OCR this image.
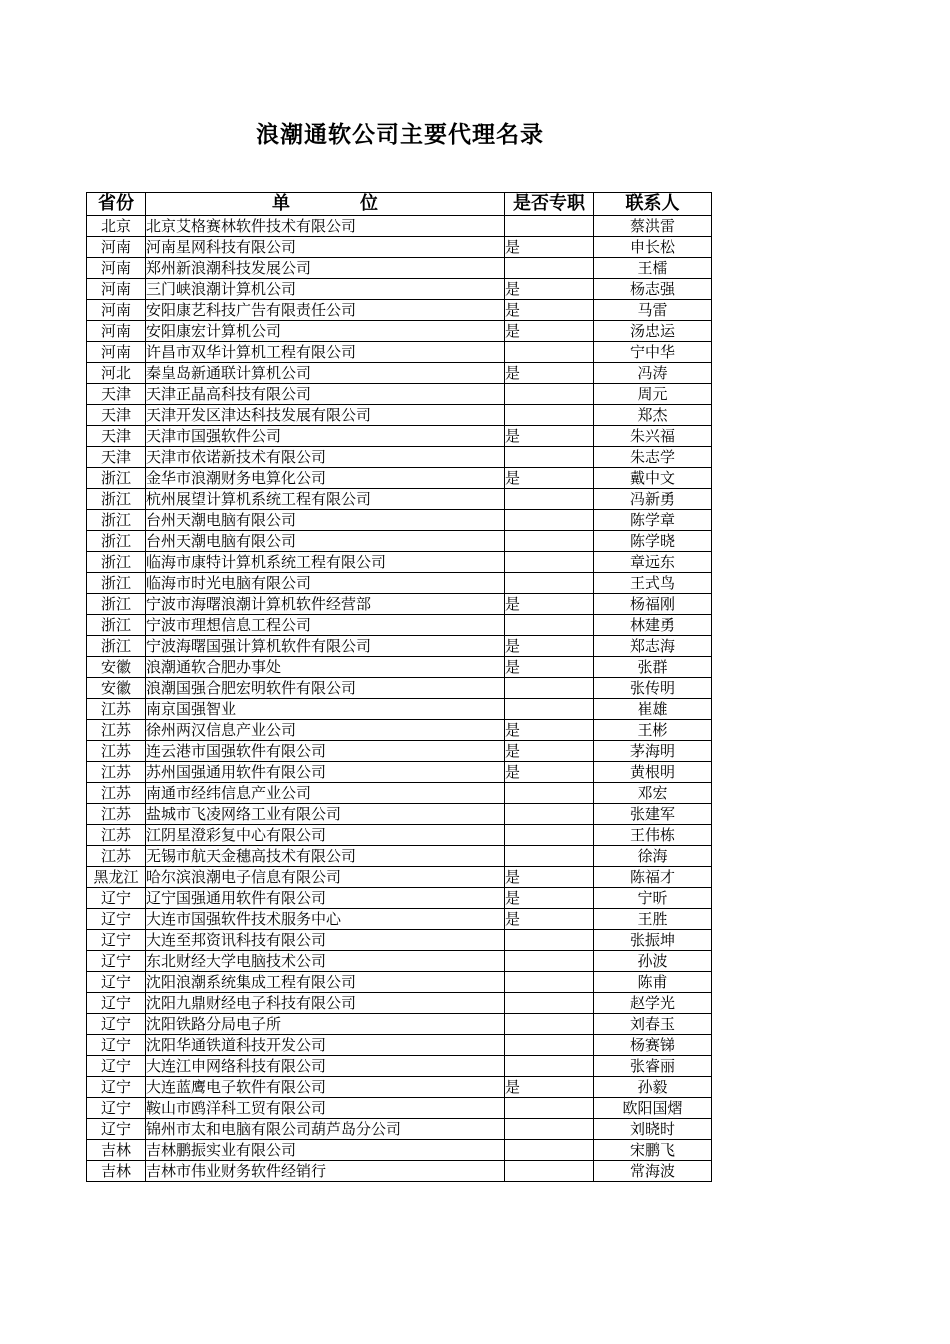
浪潮通软公司主要代理名录
省份	单 位	是否专职	联系人
北京	北京艾格赛林软件技术有限公司		蔡洪雷
河南	河南星网科技有限公司	是	申长松
河南	郑州新浪潮科技发展公司		王檑
河南	三门峡浪潮计算机公司	是	杨志强
河南	安阳康艺科技广告有限责任公司	是	马雷
河南	安阳康宏计算机公司	是	汤忠运
河南	许昌市双华计算机工程有限公司		宁中华
河北	秦皇岛新通联计算机公司	是	冯涛
天津	天津正晶高科技有限公司		周元
天津	天津开发区津达科技发展有限公司		郑杰
天津	天津市国强软件公司	是	朱兴福
天津	天津市依诺新技术有限公司		朱志学
浙江	金华市浪潮财务电算化公司	是	戴中文
浙江	杭州展望计算机系统工程有限公司		冯新勇
浙江	台州天潮电脑有限公司		陈学章
浙江	台州天潮电脑有限公司		陈学晓
浙江	临海市康特计算机系统工程有限公司		章远东
浙江	临海市时光电脑有限公司		王式鸟
浙江	宁波市海曙浪潮计算机软件经营部	是	杨福刚
浙江	宁波市理想信息工程公司		林建勇
浙江	宁波海曙国强计算机软件有限公司	是	郑志海
安徽	浪潮通软合肥办事处	是	张群
安徽	浪潮国强合肥宏明软件有限公司		张传明
江苏	南京国强智业		崔雄
江苏	徐州两汉信息产业公司	是	王彬
江苏	连云港市国强软件有限公司	是	茅海明
江苏	苏州国强通用软件有限公司	是	黄根明
江苏	南通市经纬信息产业公司		邓宏
江苏	盐城市飞凌网络工业有限公司		张建军
江苏	江阴星澄彩复中心有限公司		王伟栋
江苏	无锡市航天金穗高技术有限公司		徐海
黑龙江	哈尔滨浪潮电子信息有限公司	是	陈福才
辽宁	辽宁国强通用软件有限公司	是	宁昕
辽宁	大连市国强软件技术服务中心	是	王胜
辽宁	大连至邦资讯科技有限公司		张振坤
辽宁	东北财经大学电脑技术公司		孙波
辽宁	沈阳浪潮系统集成工程有限公司		陈甫
辽宁	沈阳九鼎财经电子科技有限公司		赵学光
辽宁	沈阳铁路分局电子所		刘春玉
辽宁	沈阳华通铁道科技开发公司		杨赛锑
辽宁	大连江申网络科技有限公司		张睿丽
辽宁	大连蓝鹰电子软件有限公司	是	孙毅
辽宁	鞍山市鸥洋科工贸有限公司		欧阳国熠
辽宁	锦州市太和电脑有限公司葫芦岛分公司		刘晓时
吉林	吉林鹏振实业有限公司		宋鹏飞
吉林	吉林市伟业财务软件经销行		常海波
